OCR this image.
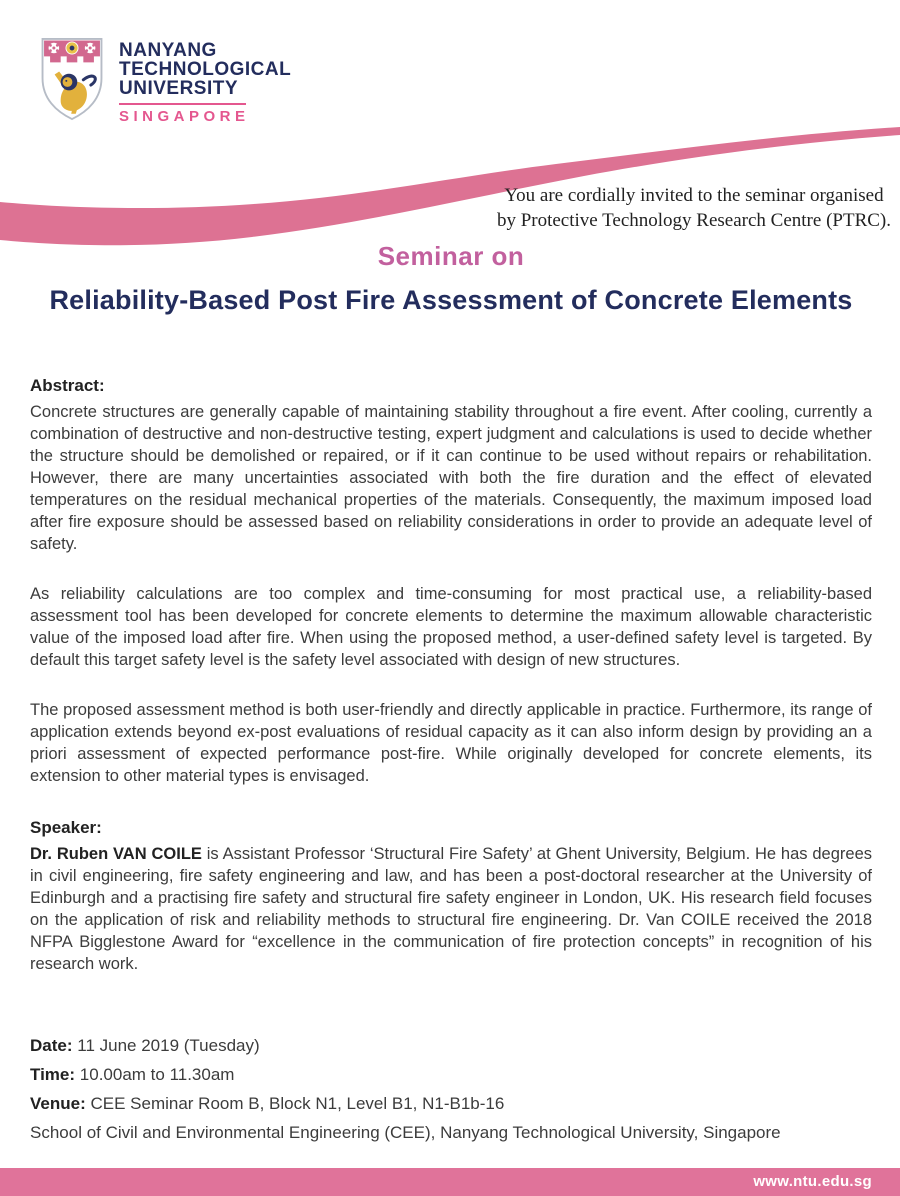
NANYANG
TECHNOLOGICAL
UNIVERSITY
SINGAPORE
You are cordially invited to the seminar organised
by Protective Technology Research Centre (PTRC).
Seminar on
Reliability-Based Post Fire Assessment of Concrete Elements
Abstract:

Concrete structures are generally capable of maintaining stability throughout a fire event. After cooling, currently a combination of destructive and non-destructive testing, expert judgment and calculations is used to decide whether the structure should be demolished or repaired, or if it can continue to be used without repairs or rehabilitation. However, there are many uncertainties associated with both the fire duration and the effect of elevated temperatures on the residual mechanical properties of the materials. Consequently, the maximum imposed load after fire exposure should be assessed based on reliability considerations in order to provide an adequate level of safety.

As reliability calculations are too complex and time-consuming for most practical use, a reliability-based assessment tool has been developed for concrete elements to determine the maximum allowable characteristic value of the imposed load after fire. When using the proposed method, a user-defined safety level is targeted. By default this target safety level is the safety level associated with design of new structures.

The proposed assessment method is both user-friendly and directly applicable in practice. Furthermore, its range of application extends beyond ex-post evaluations of residual capacity as it can also inform design by providing an a priori assessment of expected performance post-fire. While originally developed for concrete elements, its extension to other material types is envisaged.

Speaker:

Dr. Ruben VAN COILE is Assistant Professor ‘Structural Fire Safety’ at Ghent University, Belgium. He has degrees in civil engineering, fire safety engineering and law, and has been a post-doctoral researcher at the University of Edinburgh and a practising fire safety and structural fire safety engineer in London, UK. His research field focuses on the application of risk and reliability methods to structural fire engineering. Dr. Van COILE received the 2018 NFPA Bigglestone Award for “excellence in the communication of fire protection concepts” in recognition of his research work.

Date: 11 June 2019 (Tuesday)
Time: 10.00am to 11.30am
Venue: CEE Seminar Room B, Block N1, Level B1, N1-B1b-16
School of Civil and Environmental Engineering (CEE), Nanyang Technological University, Singapore
www.ntu.edu.sg
